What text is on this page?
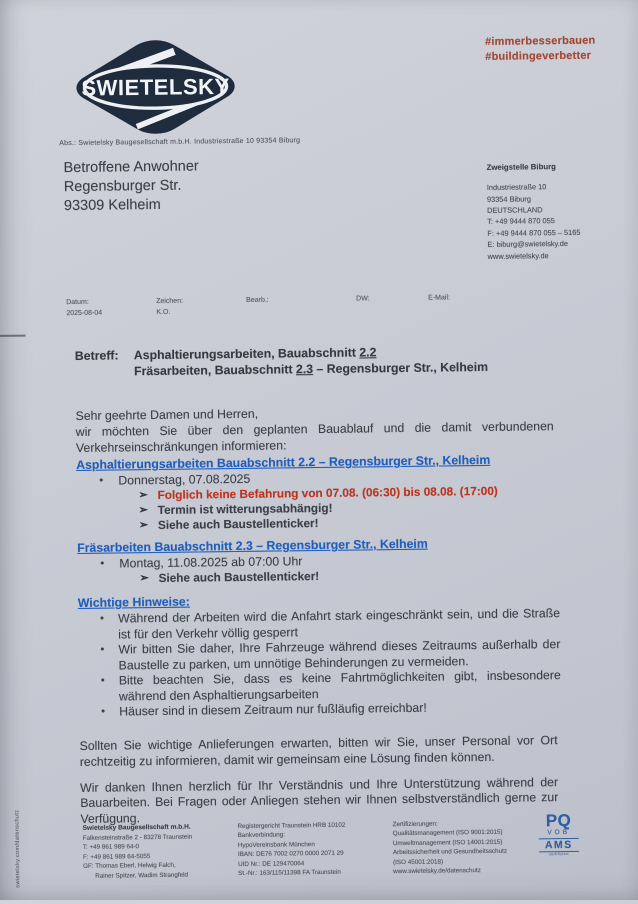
SWIETELSKY
#immerbesserbauen
#buildingeverbetter
Abs.: Swietelsky Baugesellschaft m.b.H. Industriestraße 10 93354 Biburg
Betroffene Anwohner
Regensburger Str.
93309 Kelheim
Zweigstelle Biburg
Industriestraße 10
93354 Biburg
DEUTSCHLAND
T: +49 9444 870 055
F: +49 9444 870 055 – 5165
E: biburg@swietelsky.de
www.swietelsky.de
Datum:
2025-08-04
Zeichen:
K.O.
Bearb.:	DW:	E-Mail:
Betreff:	Asphaltierungsarbeiten, Bauabschnitt 2.2
Fräsarbeiten, Bauabschnitt 2.3 – Regensburger Str., Kelheim

Sehr geehrte Damen und Herren,

wir möchten Sie über den geplanten Bauablauf und die damit verbundenen Verkehrseinschränkungen informieren:

Asphaltierungsarbeiten Bauabschnitt 2.2 – Regensburger Str., Kelheim

•	Donnerstag, 07.08.2025
➢ Folglich keine Befahrung von 07.08. (06:30) bis 08.08. (17:00)
➢ Termin ist witterungsabhängig!
➢ Siehe auch Baustellenticker!

Fräsarbeiten Bauabschnitt 2.3 – Regensburger Str., Kelheim

•	Montag, 11.08.2025 ab 07:00 Uhr
➢ Siehe auch Baustellenticker!

Wichtige Hinweise:

•	Während der Arbeiten wird die Anfahrt stark eingeschränkt sein, und die Straße ist für den Verkehr völlig gesperrt
•	Wir bitten Sie daher, Ihre Fahrzeuge während dieses Zeitraums außerhalb der Baustelle zu parken, um unnötige Behinderungen zu vermeiden.
•	Bitte beachten Sie, dass es keine Fahrtmöglichkeiten gibt, insbesondere während den Asphaltierungsarbeiten
•	Häuser sind in diesem Zeitraum nur fußläufig erreichbar!

Sollten Sie wichtige Anlieferungen erwarten, bitten wir Sie, unser Personal vor Ort rechtzeitig zu informieren, damit wir gemeinsam eine Lösung finden können.

Wir danken Ihnen herzlich für Ihr Verständnis und Ihre Unterstützung während der Bauarbeiten. Bei Fragen oder Anliegen stehen wir Ihnen selbstverständlich gerne zur Verfügung.

Swietelsky Baugesellschaft m.b.H.
Falkensteinstraße 2 - 83278 Traunstein
T: +49 861 989 64-0
F: +49 861 989 64-5055
GF: Thomas Eberl, Helwig Falch,
Rainer Spitzer, Wadim Strangfeld
Registergericht Traunstein HRB 10102
Bankverbindung:
HypoVereinsbank München
IBAN: DE76 7002 0270 0000 2071 29
UID Nr.: DE 129470064
St.-Nr.: 163/115/11398 FA Traunstein
Zertifizierungen:
Qualitätsmanagement (ISO 9001:2015)
Umweltmanagement (ISO 14001:2015)
Arbeitssicherheit und Gesundheitsschutz
(ISO 45001:2018)
www.swietelsky.de/datenschutz
PQ
VOB
AMS
zertifiziert
swietelsky.com/datenschutz
